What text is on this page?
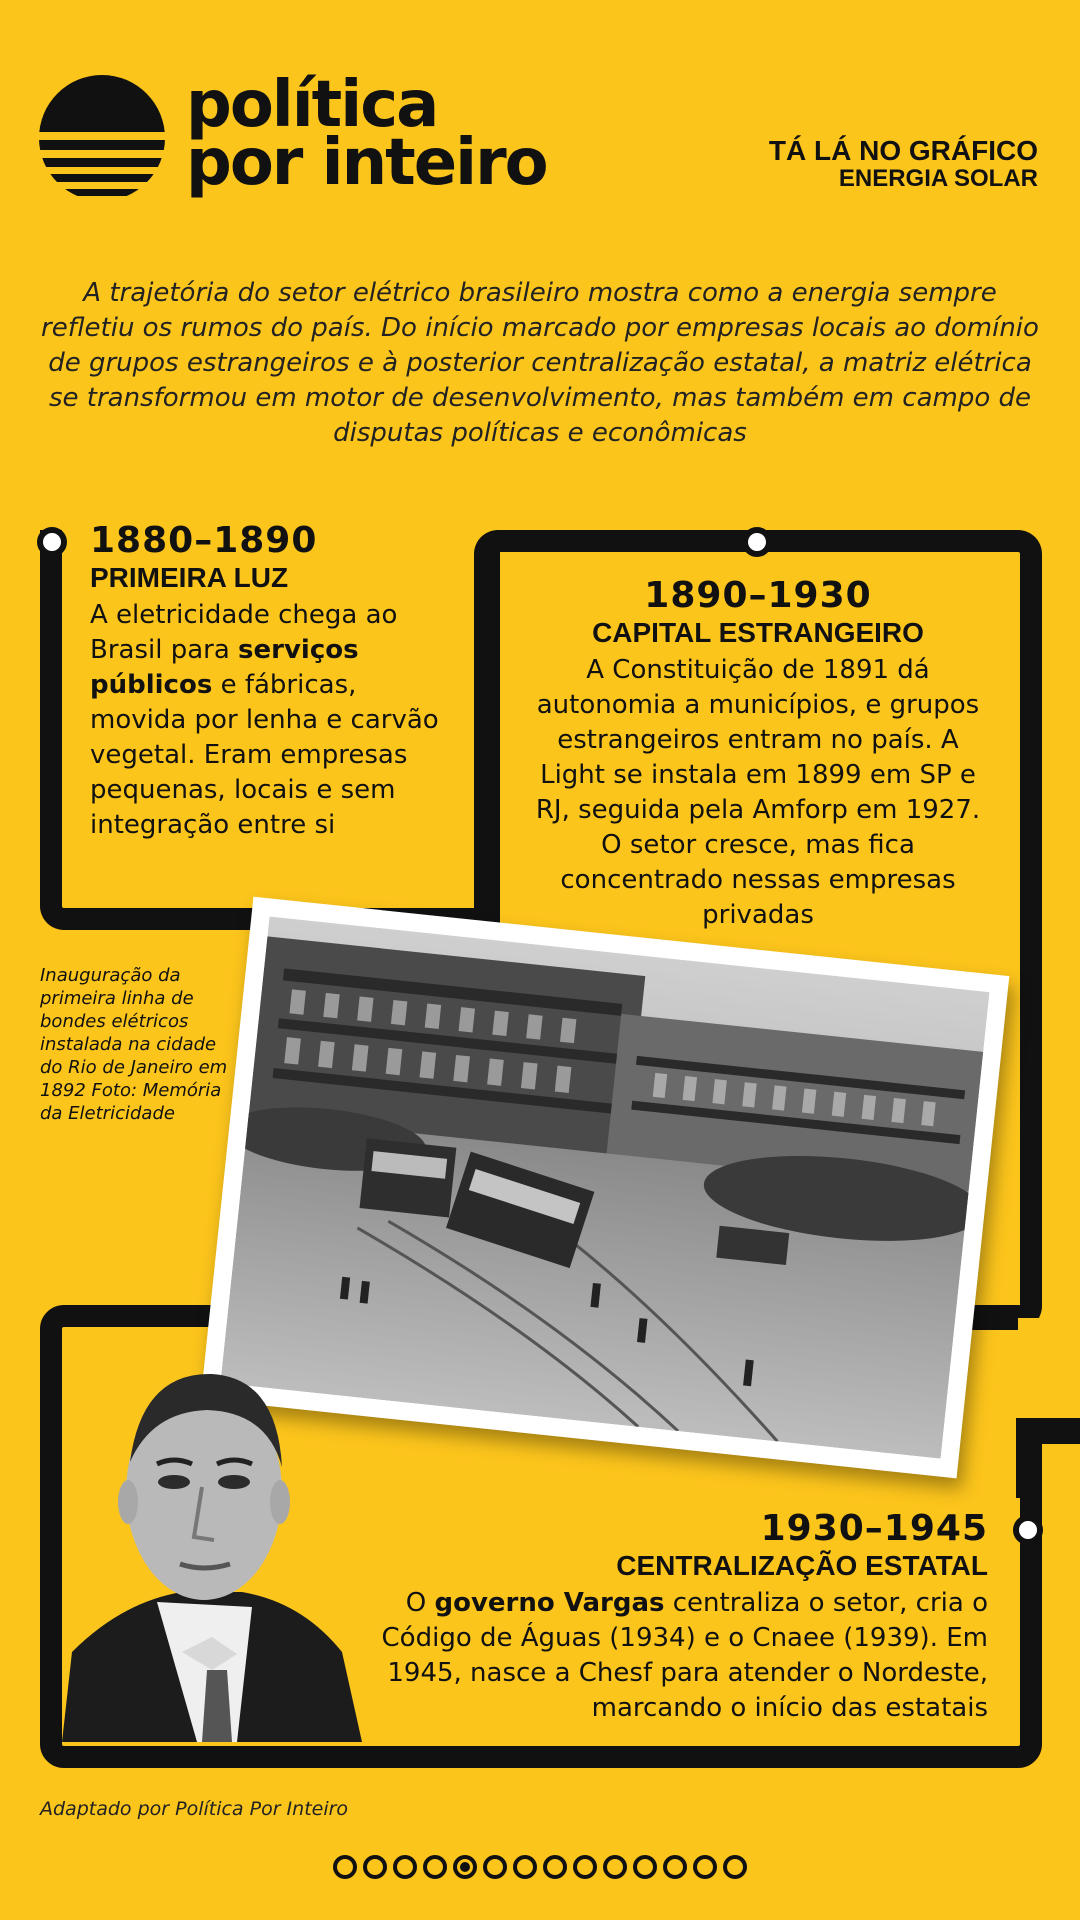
política
por inteiro	TÁ LÁ NO GRÁFICO
ENERGIA SOLAR

A trajetória do setor elétrico brasileiro mostra como a energia sempre refletiu os rumos do país. Do início marcado por empresas locais ao domínio de grupos estrangeiros e à posterior centralização estatal, a matriz elétrica se transformou em motor de desenvolvimento, mas também em campo de disputas políticas e econômicas

1880–1890
PRIMEIRA LUZ
A eletricidade chega ao Brasil para serviços públicos e fábricas, movida por lenha e carvão vegetal. Eram empresas pequenas, locais e sem integração entre si
1890–1930
CAPITAL ESTRANGEIRO
A Constituição de 1891 dá autonomia a municípios, e grupos estrangeiros entram no país. A Light se instala em 1899 em SP e RJ, seguida pela Amforp em 1927. O setor cresce, mas fica concentrado nessas empresas privadas

Inauguração da primeira linha de bondes elétricos instalada na cidade do Rio de Janeiro em 1892 Foto: Memória da Eletricidade

1930–1945
CENTRALIZAÇÃO ESTATAL
O governo Vargas centraliza o setor, cria o Código de Águas (1934) e o Cnaee (1939). Em 1945, nasce a Chesf para atender o Nordeste, marcando o início das estatais

Adaptado por Política Por Inteiro
